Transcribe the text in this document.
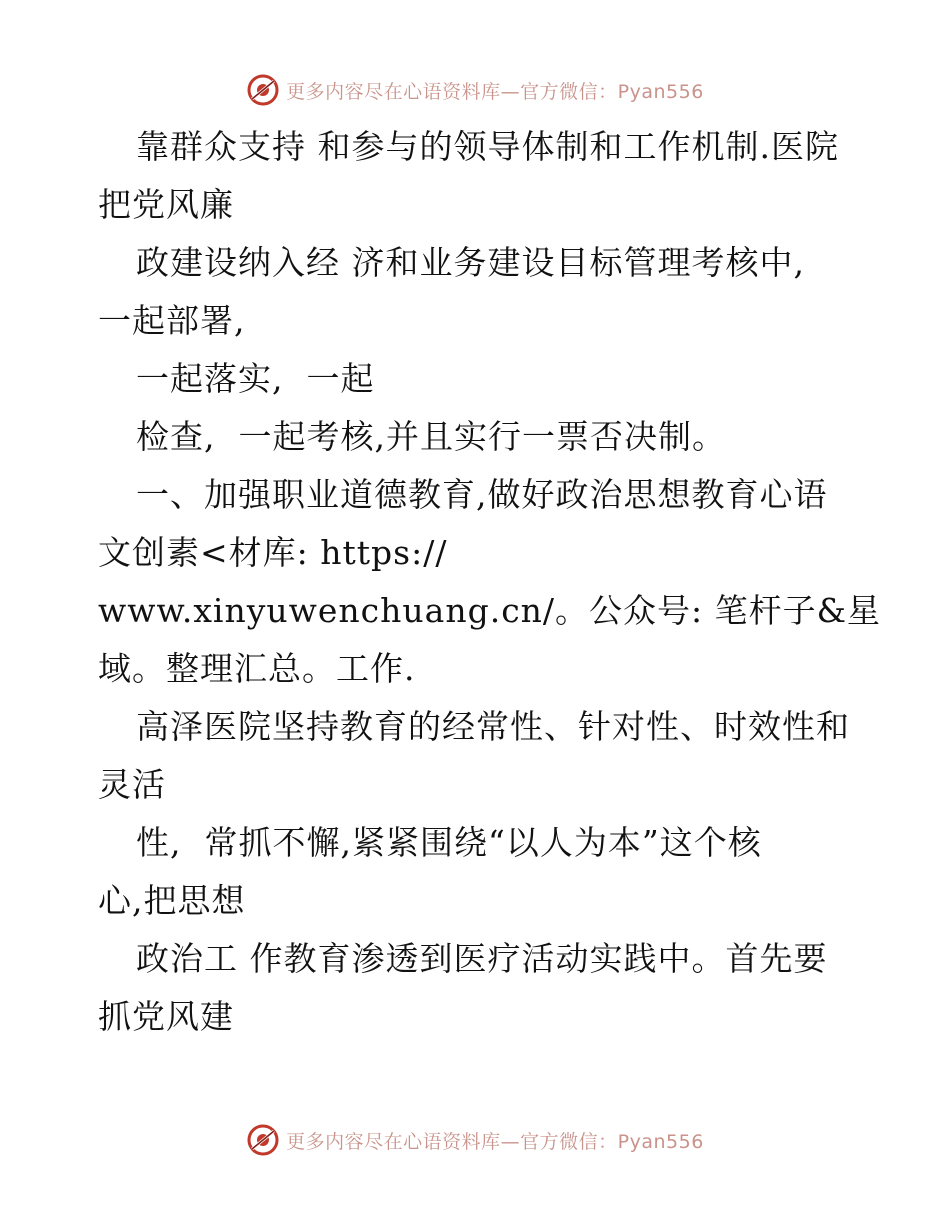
更多内容尽在心语资料库—官方微信：Pyan556
靠群众支持 和参与的领导体制和工作机制.医院
把党风廉
政建设纳入经 济和业务建设目标管理考核中,
一起部署,
一起落实,  一起
检查,  一起考核,并且实行一票否决制。
一、加强职业道德教育,做好政治思想教育心语
文创素<材库: https://
www.xinyuwenchuang.cn/。公众号: 笔杆子&星
域。整理汇总。工作.
高泽医院坚持教育的经常性、针对性、时效性和
灵活
性,  常抓不懈,紧紧围绕“以人为本”这个核
心,把思想
政治工 作教育渗透到医疗活动实践中。首先要
抓党风建
更多内容尽在心语资料库—官方微信：Pyan556
